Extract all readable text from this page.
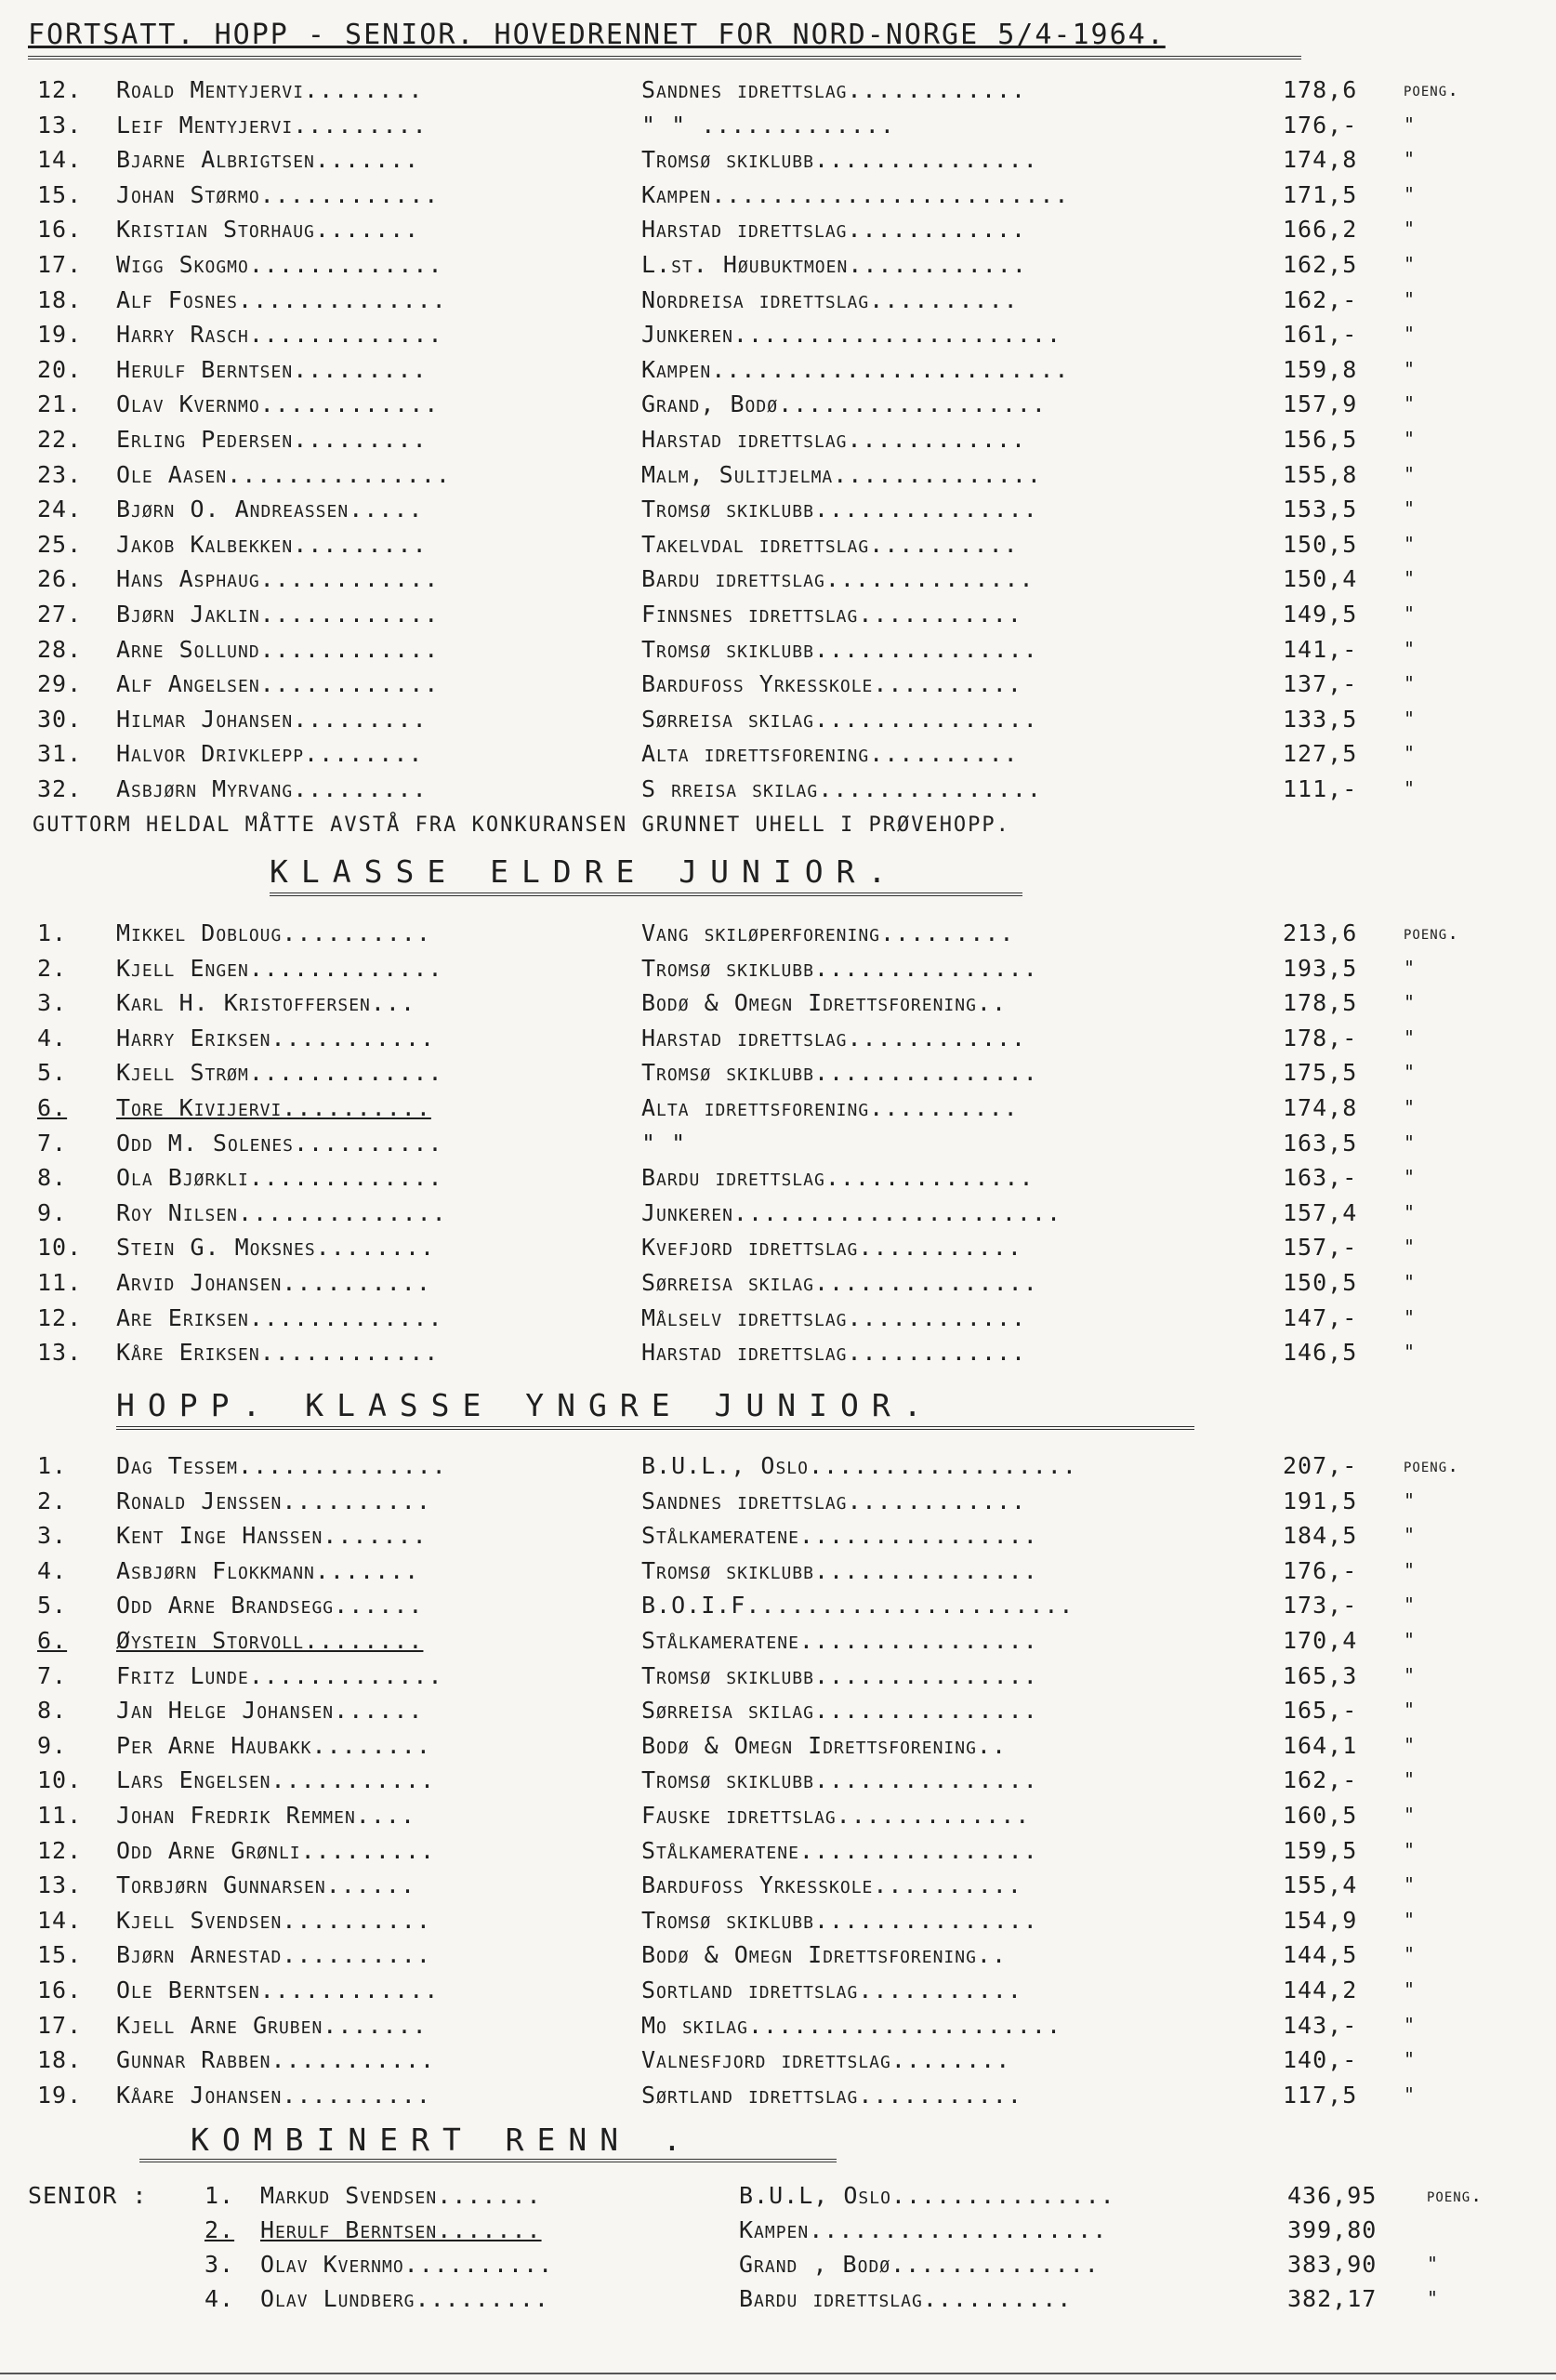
FORTSATT. HOPP - SENIOR. HOVEDRENNET FOR NORD-NORGE 5/4-1964.
12.	Roald Mentyjervi........	Sandnes idrettslag............	178,6	poeng.
13.	Leif Mentyjervi.........	" " .............	176,-	"
14.	Bjarne Albrigtsen.......	Tromsø skiklubb...............	174,8	"
15.	Johan Størmo............	Kampen........................	171,5	"
16.	Kristian Storhaug.......	Harstad idrettslag............	166,2	"
17.	Wigg Skogmo.............	L.st. Høubuktmoen............	162,5	"
18.	Alf Fosnes..............	Nordreisa idrettslag..........	162,-	"
19.	Harry Rasch.............	Junkeren......................	161,-	"
20.	Herulf Berntsen.........	Kampen........................	159,8	"
21.	Olav Kvernmo............	Grand, Bodø..................	157,9	"
22.	Erling Pedersen.........	Harstad idrettslag............	156,5	"
23.	Ole Aasen...............	Malm, Sulitjelma..............	155,8	"
24.	Bjørn O. Andreassen.....	Tromsø skiklubb...............	153,5	"
25.	Jakob Kalbekken.........	Takelvdal idrettslag..........	150,5	"
26.	Hans Asphaug............	Bardu idrettslag..............	150,4	"
27.	Bjørn Jaklin............	Finnsnes idrettslag...........	149,5	"
28.	Arne Sollund............	Tromsø skiklubb...............	141,-	"
29.	Alf Angelsen............	Bardufoss Yrkesskole..........	137,-	"
30.	Hilmar Johansen.........	Sørreisa skilag...............	133,5	"
31.	Halvor Drivklepp........	Alta idrettsforening..........	127,5	"
32.	Asbjørn Myrvang.........	S rreisa skilag...............	111,-	"
GUTTORM HELDAL MÅTTE AVSTÅ FRA KONKURANSEN GRUNNET UHELL I PRØVEHOPP.
KLASSE ELDRE JUNIOR.
1.	Mikkel Dobloug..........	Vang skiløperforening.........	213,6	poeng.
2.	Kjell Engen.............	Tromsø skiklubb...............	193,5	"
3.	Karl H. Kristoffersen...	Bodø & Omegn Idrettsforening..	178,5	"
4.	Harry Eriksen...........	Harstad idrettslag............	178,-	"
5.	Kjell Strøm.............	Tromsø skiklubb...............	175,5	"
6.	Tore Kivijervi..........	Alta idrettsforening..........	174,8	"
7.	Odd M. Solenes..........	" "	163,5	"
8.	Ola Bjørkli.............	Bardu idrettslag..............	163,-	"
9.	Roy Nilsen..............	Junkeren......................	157,4	"
10.	Stein G. Moksnes........	Kvefjord idrettslag...........	157,-	"
11.	Arvid Johansen..........	Sørreisa skilag...............	150,5	"
12.	Are Eriksen.............	Målselv idrettslag............	147,-	"
13.	Kåre Eriksen............	Harstad idrettslag............	146,5	"
HOPP. KLASSE YNGRE JUNIOR.
1.	Dag Tessem..............	B.U.L., Oslo..................	207,-	poeng.
2.	Ronald Jenssen..........	Sandnes idrettslag............	191,5	"
3.	Kent Inge Hanssen.......	Stålkameratene................	184,5	"
4.	Asbjørn Flokkmann.......	Tromsø skiklubb...............	176,-	"
5.	Odd Arne Brandsegg......	B.O.I.F......................	173,-	"
6.	Øystein Storvoll........	Stålkameratene................	170,4	"
7.	Fritz Lunde.............	Tromsø skiklubb...............	165,3	"
8.	Jan Helge Johansen......	Sørreisa skilag...............	165,-	"
9.	Per Arne Haubakk........	Bodø & Omegn Idrettsforening..	164,1	"
10.	Lars Engelsen...........	Tromsø skiklubb...............	162,-	"
11.	Johan Fredrik Remmen....	Fauske idrettslag.............	160,5	"
12.	Odd Arne Grønli.........	Stålkameratene................	159,5	"
13.	Torbjørn Gunnarsen......	Bardufoss Yrkesskole..........	155,4	"
14.	Kjell Svendsen..........	Tromsø skiklubb...............	154,9	"
15.	Bjørn Arnestad..........	Bodø & Omegn Idrettsforening..	144,5	"
16.	Ole Berntsen............	Sortland idrettslag...........	144,2	"
17.	Kjell Arne Gruben.......	Mo skilag.....................	143,-	"
18.	Gunnar Rabben...........	Valnesfjord idrettslag........	140,-	"
19.	Kåare Johansen..........	Sørtland idrettslag...........	117,5	"
KOMBINERT RENN .
SENIOR : 1. Markud Svendsen.......	B.U.L, Oslo...............	436,95	poeng.
2. Herulf Berntsen.......	Kampen....................	399,80
3. Olav Kvernmo..........	Grand , Bodø..............	383,90	"
4. Olav Lundberg.........	Bardu idrettslag..........	382,17	"
